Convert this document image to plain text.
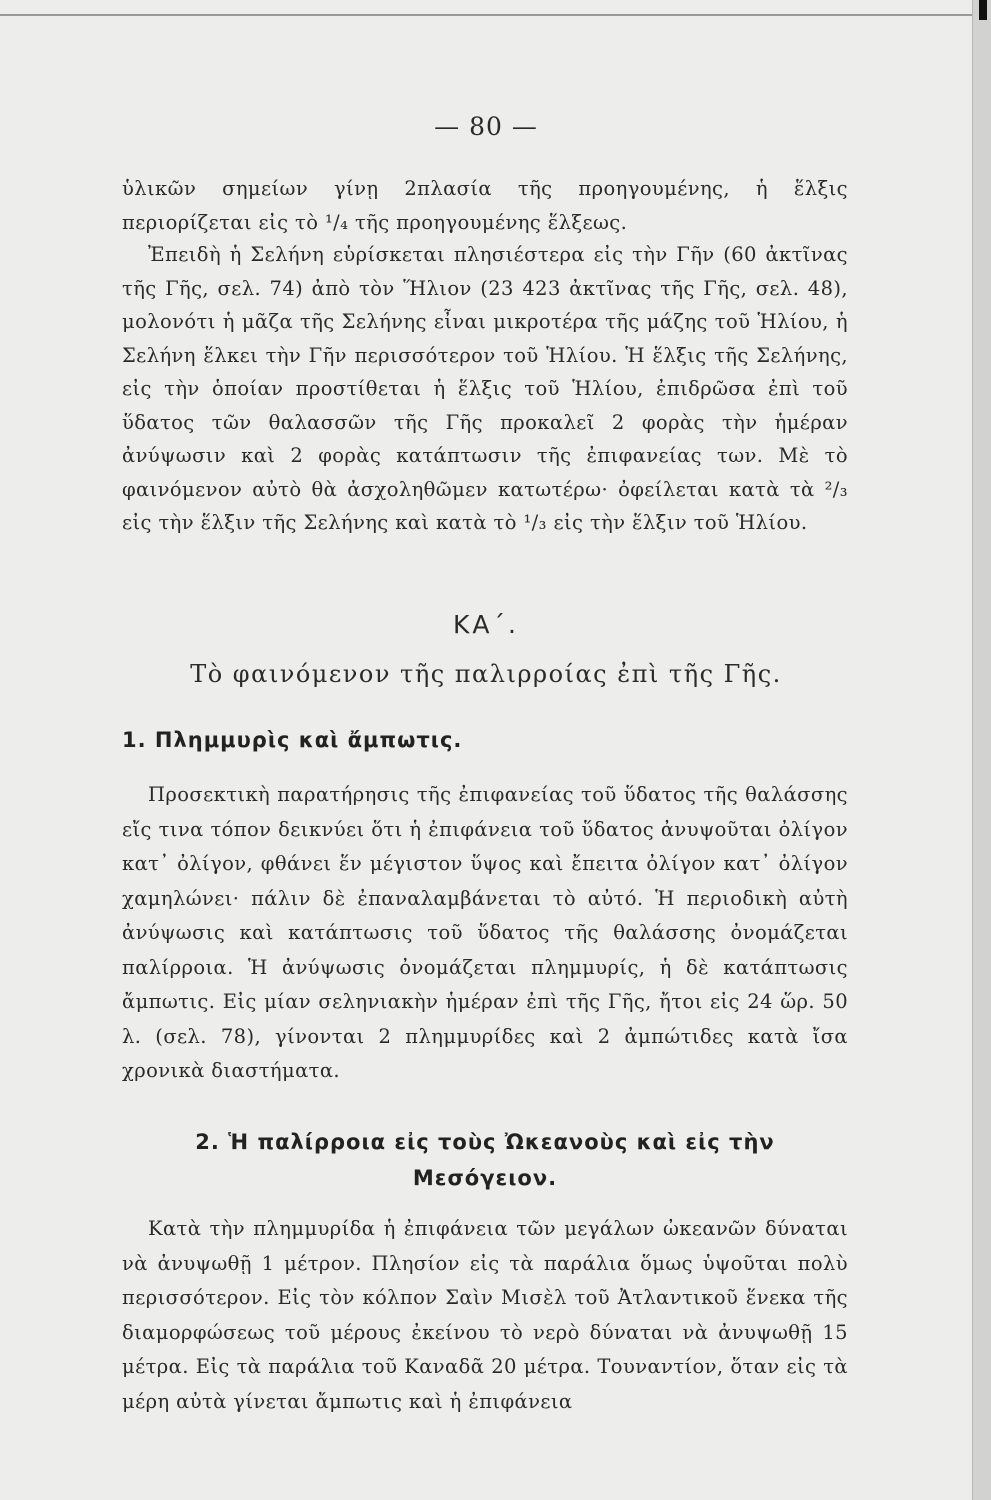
— 80 —

ὑλικῶν σημείων γίνῃ 2πλασία τῆς προηγουμένης, ἡ ἕλξις περιορίζεται εἰς τὸ ¹/₄ τῆς προηγουμένης ἕλξεως.

Ἐπειδὴ ἡ Σελήνη εὑρίσκεται πλησιέστερα εἰς τὴν Γῆν (60 ἀκτῖνας τῆς Γῆς, σελ. 74) ἀπὸ τὸν Ἥλιον (23 423 ἀκτῖνας τῆς Γῆς, σελ. 48), μολονότι ἡ μᾶζα τῆς Σελήνης εἶναι μικροτέρα τῆς μάζης τοῦ Ἡλίου, ἡ Σελήνη ἕλκει τὴν Γῆν περισσότερον τοῦ Ἡλίου. Ἡ ἕλξις τῆς Σελήνης, εἰς τὴν ὁποίαν προστίθεται ἡ ἕλξις τοῦ Ἡλίου, ἐπιδρῶσα ἐπὶ τοῦ ὕδατος τῶν θαλασσῶν τῆς Γῆς προκαλεῖ 2 φορὰς τὴν ἡμέραν ἀνύψωσιν καὶ 2 φορὰς κατάπτωσιν τῆς ἐπιφανείας των. Μὲ τὸ φαινόμενον αὐτὸ θὰ ἀσχοληθῶμεν κατωτέρω· ὀφείλεται κατὰ τὰ ²/₃ εἰς τὴν ἕλξιν τῆς Σελήνης καὶ κατὰ τὸ ¹/₃ εἰς τὴν ἕλξιν τοῦ Ἡλίου.

ΚΑ΄.
Τὸ φαινόμενον τῆς παλιρροίας ἐπὶ τῆς Γῆς.
1. Πλημμυρὶς καὶ ἄμπωτις.

Προσεκτικὴ παρατήρησις τῆς ἐπιφανείας τοῦ ὕδατος τῆς θαλάσσης εἴς τινα τόπον δεικνύει ὅτι ἡ ἐπιφάνεια τοῦ ὕδατος ἀνυψοῦται ὀλίγον κατ᾽ ὀλίγον, φθάνει ἕν μέγιστον ὕψος καὶ ἔπειτα ὀλίγον κατ᾽ ὀλίγον χαμηλώνει· πάλιν δὲ ἐπαναλαμβάνεται τὸ αὐτό. Ἡ περιοδικὴ αὐτὴ ἀνύψωσις καὶ κατάπτωσις τοῦ ὕδατος τῆς θαλάσσης ὀνομάζεται παλίρροια. Ἡ ἀνύψωσις ὀνομάζεται πλημμυρίς, ἡ δὲ κατάπτωσις ἄμπωτις. Εἰς μίαν σεληνιακὴν ἡμέραν ἐπὶ τῆς Γῆς, ἤτοι εἰς 24 ὥρ. 50 λ. (σελ. 78), γίνονται 2 πλημμυρίδες καὶ 2 ἀμπώτιδες κατὰ ἴσα χρονικὰ διαστήματα.

2. Ἡ παλίρροια εἰς τοὺς Ὠκεανοὺς καὶ εἰς τὴν Μεσόγειον.

Κατὰ τὴν πλημμυρίδα ἡ ἐπιφάνεια τῶν μεγάλων ὠκεανῶν δύναται νὰ ἀνυψωθῇ 1 μέτρον. Πλησίον εἰς τὰ παράλια ὅμως ὑψοῦται πολὺ περισσότερον. Εἰς τὸν κόλπον Σαὶν Μισὲλ τοῦ Ἀτλαντικοῦ ἕνεκα τῆς διαμορφώσεως τοῦ μέρους ἐκείνου τὸ νερὸ δύναται νὰ ἀνυψωθῇ 15 μέτρα. Εἰς τὰ παράλια τοῦ Καναδᾶ 20 μέτρα. Τουναντίον, ὅταν εἰς τὰ μέρη αὐτὰ γίνεται ἄμπωτις καὶ ἡ ἐπιφάνεια
